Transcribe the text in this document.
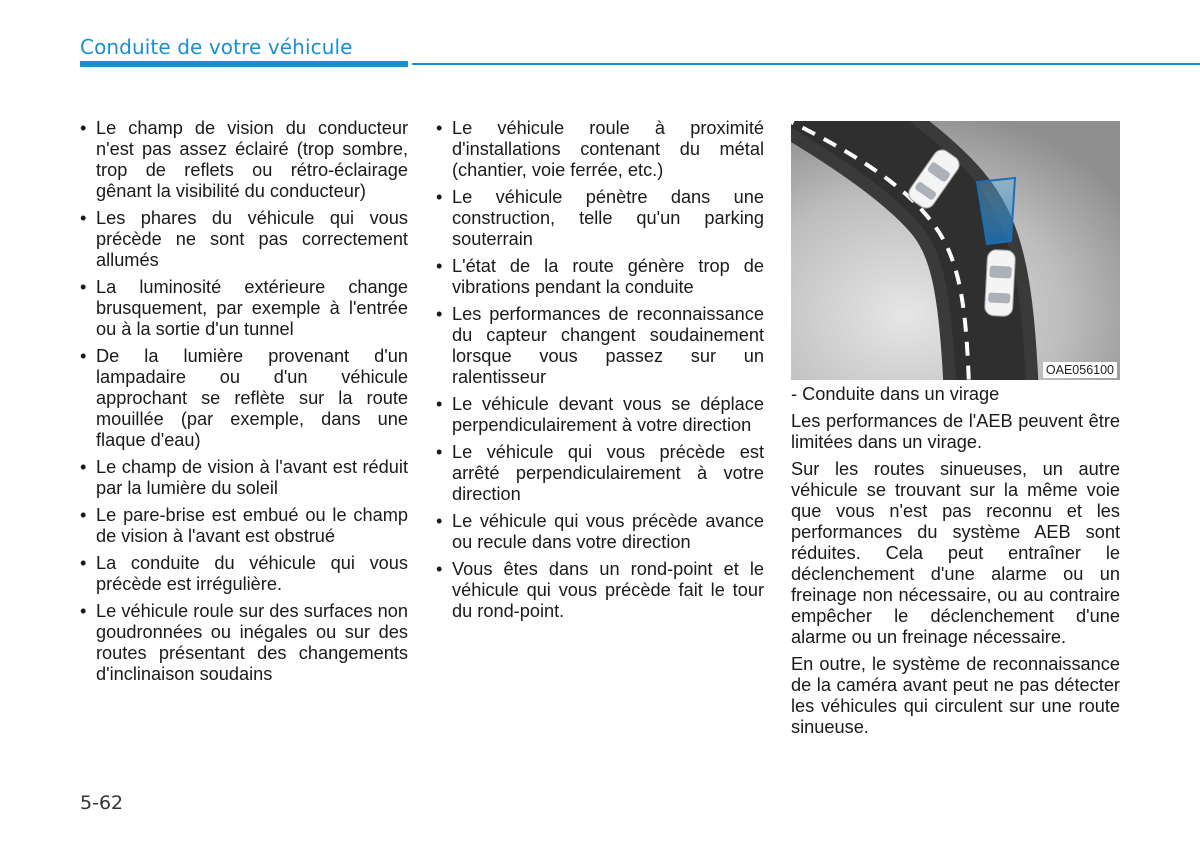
Conduite de votre véhicule
• Le champ de vision du conducteur n'est pas assez éclairé (trop sombre, trop de reflets ou rétro-éclairage gênant la visibilité du conducteur)
• Les phares du véhicule qui vous précède ne sont pas correctement allumés
• La luminosité extérieure change brusquement, par exemple à l'entrée ou à la sortie d'un tunnel
• De la lumière provenant d'un lampadaire ou d'un véhicule approchant se reflète sur la route mouillée (par exemple, dans une flaque d'eau)
• Le champ de vision à l'avant est réduit par la lumière du soleil
• Le pare-brise est embué ou le champ de vision à l'avant est obstrué
• La conduite du véhicule qui vous précède est irrégulière.
• Le véhicule roule sur des surfaces non goudronnées ou inégales ou sur des routes présentant des changements d'inclinaison soudains
• Le véhicule roule à proximité d'installations contenant du métal (chantier, voie ferrée, etc.)
• Le véhicule pénètre dans une construction, telle qu'un parking souterrain
• L'état de la route génère trop de vibrations pendant la conduite
• Les performances de reconnaissance du capteur changent soudainement lorsque vous passez sur un ralentisseur
• Le véhicule devant vous se déplace perpendiculairement à votre direction
• Le véhicule qui vous précède est arrêté perpendiculairement à votre direction
• Le véhicule qui vous précède avance ou recule dans votre direction
• Vous êtes dans un rond-point et le véhicule qui vous précède fait le tour du rond-point.
OAE056100

- Conduite dans un virage

Les performances de l'AEB peuvent être limitées dans un virage.

Sur les routes sinueuses, un autre véhicule se trouvant sur la même voie que vous n'est pas reconnu et les performances du système AEB sont réduites. Cela peut entraîner le déclenchement d'une alarme ou un freinage non nécessaire, ou au contraire empêcher le déclenchement d'une alarme ou un freinage nécessaire.

En outre, le système de reconnaissance de la caméra avant peut ne pas détecter les véhicules qui circulent sur une route sinueuse.

5-62
